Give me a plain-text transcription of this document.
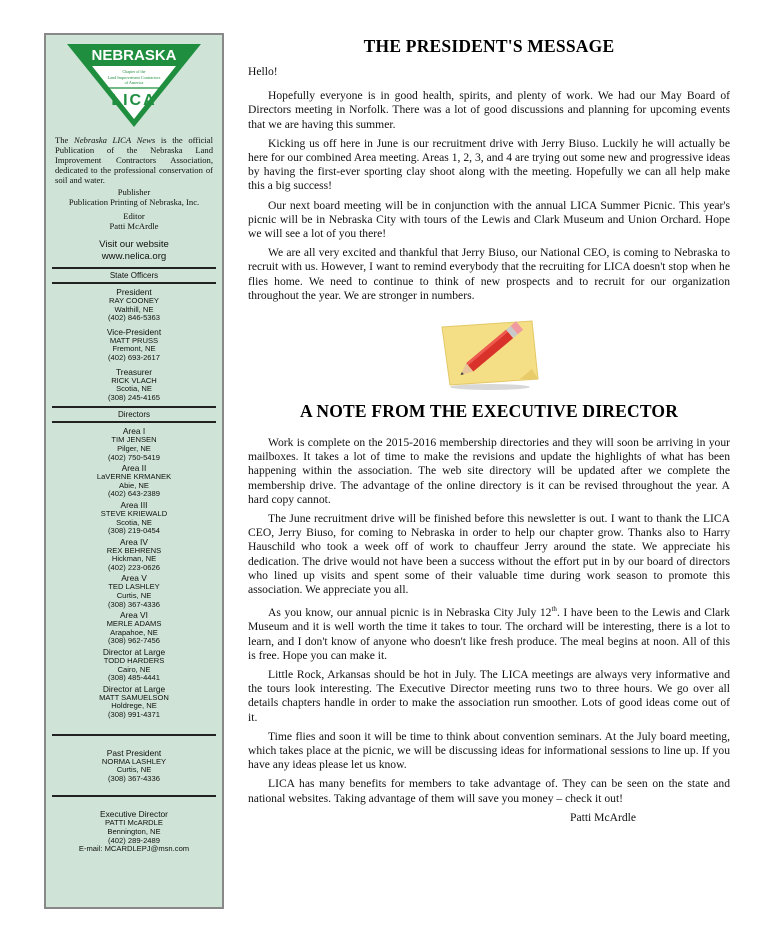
NEBRASKA
Chapter of the
Land Improvement Contractors
of America
LICA
The Nebraska LICA News is the official Publication of the Nebraska Land Improvement Contractors Association, dedicated to the professional conservation of soil and water.
Publisher
Publication Printing of Nebraska, Inc.
Editor
Patti McArdle
Visit our website
www.nelica.org
State Officers
President
RAY COONEY
Walthill, NE
(402) 846-5363
Vice-President
MATT PRUSS
Fremont, NE
(402) 693-2617
Treasurer
RICK VLACH
Scotia, NE
(308) 245-4165
Directors
Area I
TIM JENSEN
Pilger, NE
(402) 750-5419
Area II
LaVERNE KRMANEK
Abie, NE
(402) 643-2389
Area III
STEVE KRIEWALD
Scotia, NE
(308) 219-0454
Area IV
REX BEHRENS
Hickman, NE
(402) 223-0626
Area V
TED LASHLEY
Curtis, NE
(308) 367-4336
Area VI
MERLE ADAMS
Arapahoe, NE
(308) 962-7456
Director at Large
TODD HARDERS
Cairo, NE
(308) 485-4441
Director at Large
MATT SAMUELSON
Holdrege, NE
(308) 991-4371
Past President
NORMA LASHLEY
Curtis, NE
(308) 367-4336
Executive Director
PATTI McARDLE
Bennington, NE
(402) 289-2489
E-mail: MCARDLEPJ@msn.com
THE PRESIDENT'S MESSAGE
Hello!

Hopefully everyone is in good health, spirits, and plenty of work. We had our May Board of Directors meeting in Norfolk. There was a lot of good discussions and planning for upcoming events that we are having this summer.

Kicking us off here in June is our recruitment drive with Jerry Biuso. Luckily he will actually be here for our combined Area meeting. Areas 1, 2, 3, and 4 are trying out some new and progressive ideas by having the first-ever sporting clay shoot along with the meeting. Hopefully we can all help make this a big success!

Our next board meeting will be in conjunction with the annual LICA Summer Picnic. This year's picnic will be in Nebraska City with tours of the Lewis and Clark Museum and Union Orchard. Hope we will see a lot of you there!

We are all very excited and thankful that Jerry Biuso, our National CEO, is coming to Nebraska to recruit with us. However, I want to remind everybody that the recruiting for LICA doesn't stop when he flies home. We need to continue to think of new prospects and to recruit for our organization throughout the year. We are stronger in numbers.

A NOTE FROM THE EXECUTIVE DIRECTOR

Work is complete on the 2015-2016 membership directories and they will soon be arriving in your mailboxes. It takes a lot of time to make the revisions and update the highlights of what has been happening within the association. The web site directory will be updated after we complete the membership drive. The advantage of the online directory is it can be revised throughout the year. A hard copy cannot.

The June recruitment drive will be finished before this newsletter is out. I want to thank the LICA CEO, Jerry Biuso, for coming to Nebraska in order to help our chapter grow. Thanks also to Harry Hauschild who took a week off of work to chauffeur Jerry around the state. We appreciate his dedication. The drive would not have been a success without the effort put in by our board of directors who lined up visits and spent some of their valuable time during work season to promote this association. We appreciate you all.

As you know, our annual picnic is in Nebraska City July 12th. I have been to the Lewis and Clark Museum and it is well worth the time it takes to tour. The orchard will be interesting, there is a lot to learn, and I don't know of anyone who doesn't like fresh produce. The meal begins at noon. All of this is free. Hope you can make it.

Little Rock, Arkansas should be hot in July. The LICA meetings are always very informative and the tours look interesting. The Executive Director meeting runs two to three hours. We go over all details chapters handle in order to make the association run smoother. Lots of good ideas come out of it.

Time flies and soon it will be time to think about convention seminars. At the July board meeting, which takes place at the picnic, we will be discussing ideas for informational sessions to line up. If you have any ideas please let us know.

LICA has many benefits for members to take advantage of. They can be seen on the state and national websites. Taking advantage of them will save you money – check it out!

Patti McArdle
